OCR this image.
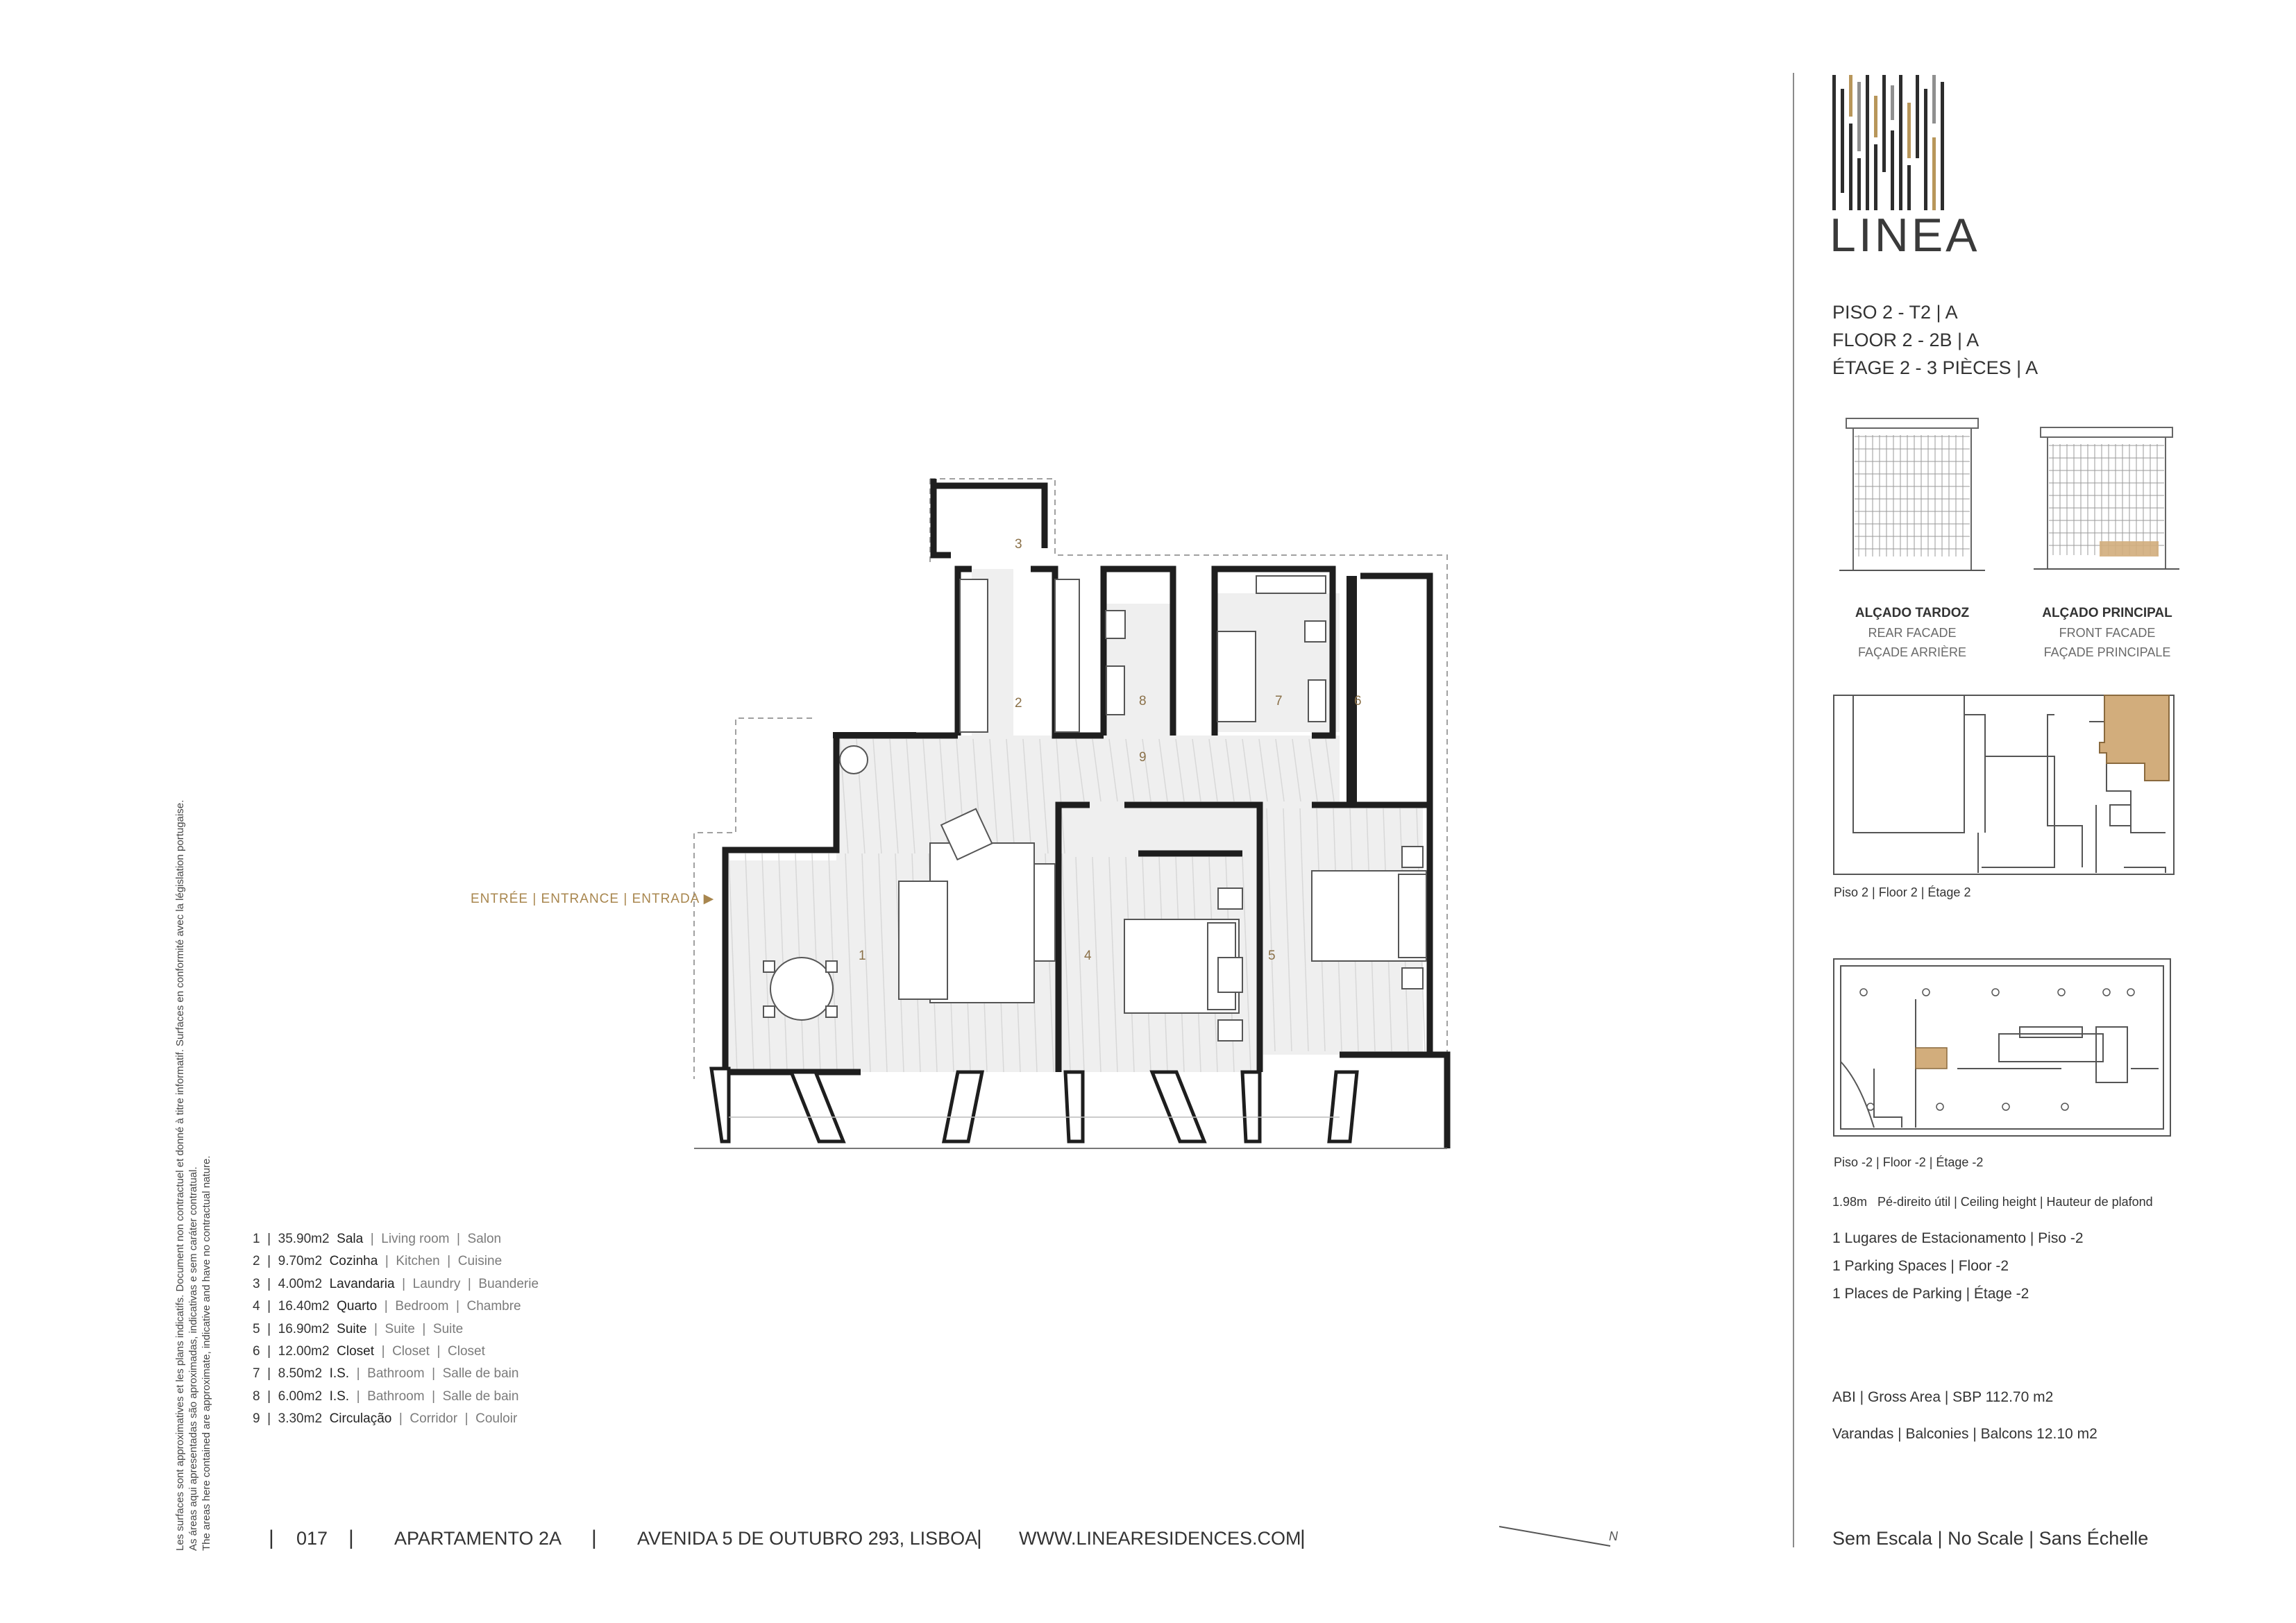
Les surfaces sont approximatives et les plans indicatifs. Document non contractuel et donné à titre informatif. Surfaces en conformité avec la législation portugaise. As áreas aqui apresentadas são aproximadas, indicativas e sem caráter contratual. The areas here contained are approximate, indicative and have no contractual nature.
1
2
3
4	5
6
7
8
9
ENTRÉE | ENTRANCE | ENTRADA ▶
1  |  35.90m2 Sala  |  Living room  |  Salon
2  |  9.70m2 Cozinha  |  Kitchen  |  Cuisine
3  |  4.00m2 Lavandaria  |  Laundry  |  Buanderie
4  |  16.40m2 Quarto  |  Bedroom  |  Chambre
5  |  16.90m2 Suite  |  Suite  |  Suite
6  |  12.00m2 Closet  |  Closet  |  Closet
7  |  8.50m2 I.S.  |  Bathroom  |  Salle de bain
8  |  6.00m2 I.S.  |  Bathroom  |  Salle de bain
9  |  3.30m2 Circulação  |  Corridor  |  Couloir
| 017 | APARTAMENTO 2A | AVENIDA 5 DE OUTUBRO 293, LISBOA
| WWW.LINEARESIDENCES.COM
|	N
LINEA
PISO 2 - T2 | A
FLOOR 2 - 2B | A
ÉTAGE 2 - 3 PIÈCES | A
ALÇADO TARDOZ
REAR FACADE
FAÇADE ARRIÈRE
ALÇADO PRINCIPAL
FRONT FACADE
FAÇADE PRINCIPALE
Piso 2 | Floor 2 | Étage 2
Piso -2 | Floor -2 | Étage -2
1.98m Pé-direito útil | Ceiling height | Hauteur de plafond
1 Lugares de Estacionamento | Piso -2
1 Parking Spaces | Floor -2
1 Places de Parking | Étage -2
ABI | Gross Area | SBP 112.70 m2
Varandas | Balconies | Balcons 12.10 m2
Sem Escala | No Scale | Sans Échelle
